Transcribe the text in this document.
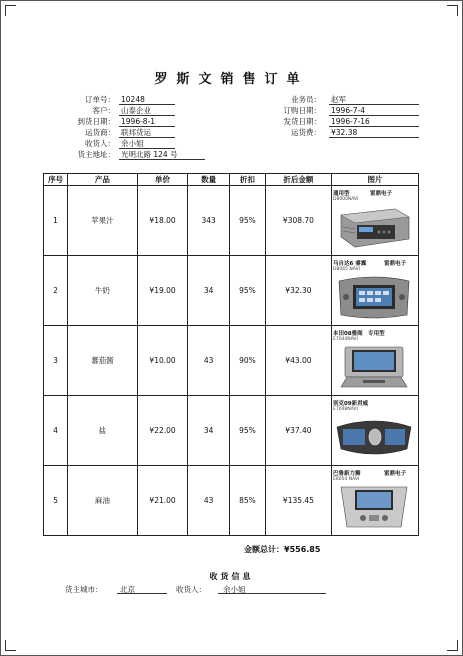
罗斯文销售订单
订单号： 10248
客户： 山泰企业
到货日期： 1996-8-1
运货商： 联邦货运
收货人： 余小姐
货主地址： 光明北路 124 号
业务员： 赵军
订购日期： 1996-7-4
发货日期： 1996-7-16
运货费： ¥32.38
序号	产品	单价	数量	折扣	折后金额	图片
1	苹果汁	¥18.00	343	95%	¥308.70	通用型 雷鼎电子
D8000NAVI

2	牛奶	¥19.00	34	95%	¥32.30	马自达6 睿翼 雷鼎电子
D8045 NAVI

3	蕃茄酱	¥10.00	43	90%	¥43.00	本田08雅阁　专用型
E7044NAVI

4	盐	¥22.00	34	95%	¥37.40	别克09新君威
E7048NAVI

5	麻油	¥21.00	43	85%	¥135.45	巴鲁新力狮 雷鼎电子
E8054 NAVI
金额总计：¥556.85
收货信息
货主城市： 北京	收货人： 余小姐
